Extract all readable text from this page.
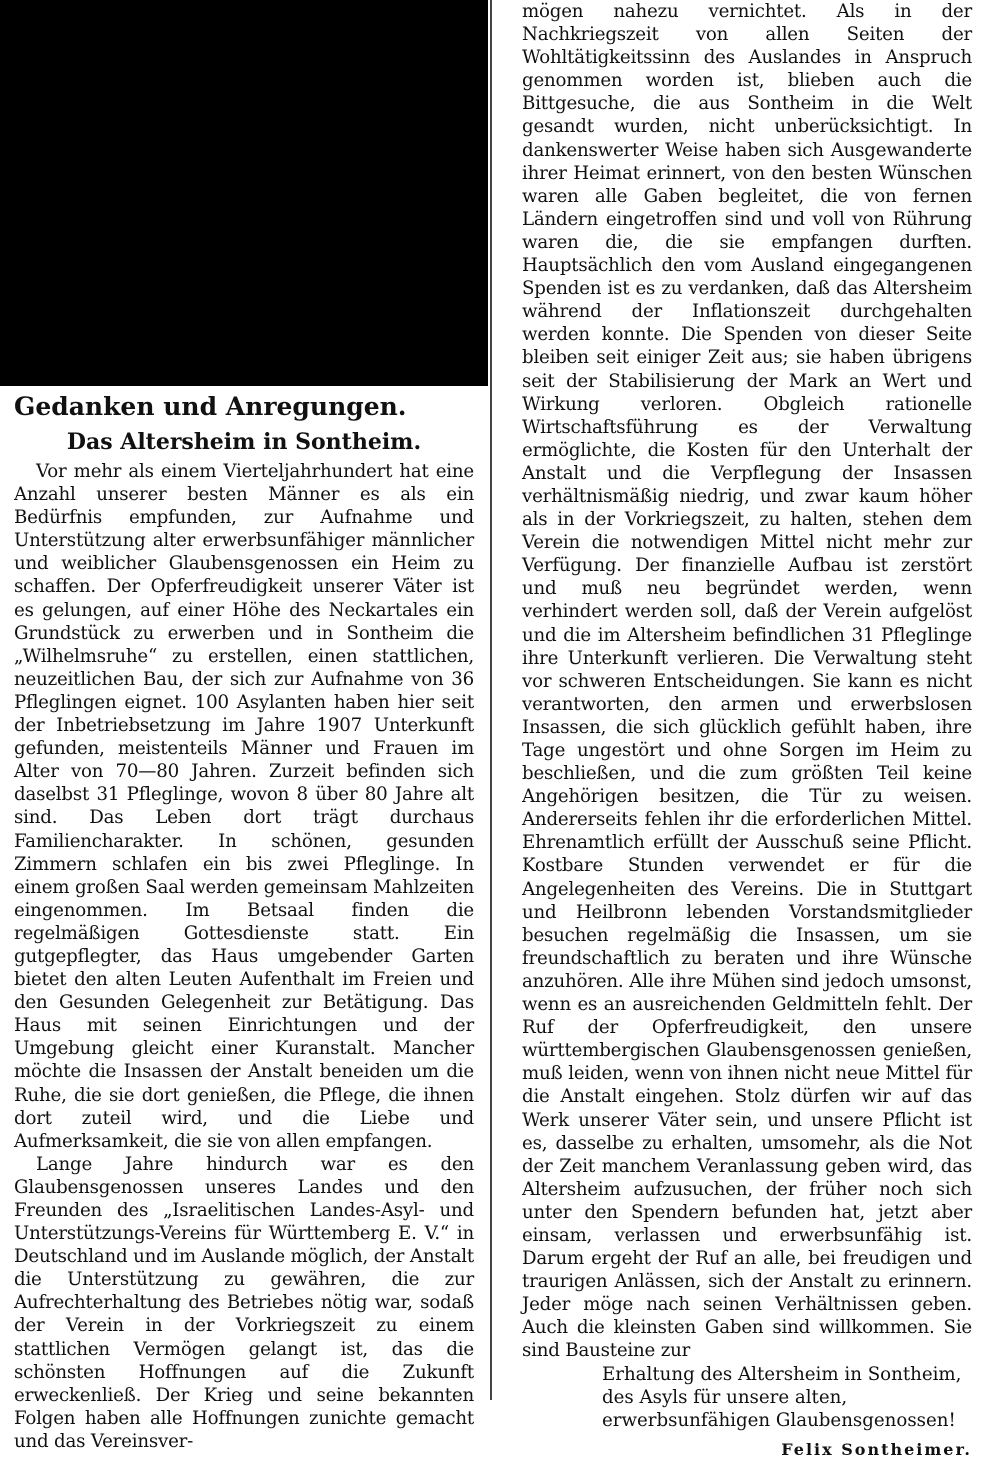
Gedanken und Anregungen.
Das Altersheim in Sontheim.

Vor mehr als einem Vierteljahrhundert hat eine Anzahl unserer besten Männer es als ein Bedürfnis empfunden, zur Aufnahme und Unterstützung alter erwerbsunfähiger männlicher und weiblicher Glaubensgenossen ein Heim zu schaffen. Der Opferfreudigkeit unserer Väter ist es gelungen, auf einer Höhe des Neckartales ein Grundstück zu erwerben und in Sontheim die „Wilhelmsruhe“ zu erstellen, einen stattlichen, neuzeitlichen Bau, der sich zur Aufnahme von 36 Pfleglingen eignet. 100 Asylanten haben hier seit der Inbetriebsetzung im Jahre 1907 Unterkunft gefunden, meistenteils Männer und Frauen im Alter von 70—80 Jahren. Zurzeit befinden sich daselbst 31 Pfleglinge, wovon 8 über 80 Jahre alt sind. Das Leben dort trägt durchaus Familiencharakter. In schönen, gesunden Zimmern schlafen ein bis zwei Pfleglinge. In einem großen Saal werden gemeinsam Mahlzeiten eingenommen. Im Betsaal finden die regelmäßigen Gottesdienste statt. Ein gutgepflegter, das Haus umgebender Garten bietet den alten Leuten Aufenthalt im Freien und den Gesunden Gelegenheit zur Betätigung. Das Haus mit seinen Einrichtungen und der Umgebung gleicht einer Kuranstalt. Mancher möchte die Insassen der Anstalt beneiden um die Ruhe, die sie dort genießen, die Pflege, die ihnen dort zuteil wird, und die Liebe und Aufmerksamkeit, die sie von allen empfangen.

Lange Jahre hindurch war es den Glaubensgenossen unseres Landes und den Freunden des „Israelitischen Landes-Asyl- und Unterstützungs-Vereins für Württemberg E. V.“ in Deutschland und im Auslande möglich, der Anstalt die Unterstützung zu gewähren, die zur Aufrechterhaltung des Betriebes nötig war, sodaß der Verein in der Vorkriegszeit zu einem stattlichen Vermögen gelangt ist, das die schönsten Hoffnungen auf die Zukunft erweckenließ. Der Krieg und seine bekannten Folgen haben alle Hoffnungen zunichte gemacht und das Vereinsver-

mögen nahezu vernichtet. Als in der Nachkriegszeit von allen Seiten der Wohltätigkeitssinn des Auslandes in Anspruch genommen worden ist, blieben auch die Bittgesuche, die aus Sontheim in die Welt gesandt wurden, nicht unberücksichtigt. In dankenswerter Weise haben sich Ausgewanderte ihrer Heimat erinnert, von den besten Wünschen waren alle Gaben begleitet, die von fernen Ländern eingetroffen sind und voll von Rührung waren die, die sie empfangen durften. Hauptsächlich den vom Ausland eingegangenen Spenden ist es zu verdanken, daß das Altersheim während der Inflationszeit durchgehalten werden konnte. Die Spenden von dieser Seite bleiben seit einiger Zeit aus; sie haben übrigens seit der Stabilisierung der Mark an Wert und Wirkung verloren. Obgleich rationelle Wirtschaftsführung es der Verwaltung ermöglichte, die Kosten für den Unterhalt der Anstalt und die Verpflegung der Insassen verhältnismäßig niedrig, und zwar kaum höher als in der Vorkriegszeit, zu halten, stehen dem Verein die notwendigen Mittel nicht mehr zur Verfügung. Der finanzielle Aufbau ist zerstört und muß neu begründet werden, wenn verhindert werden soll, daß der Verein aufgelöst und die im Altersheim befindlichen 31 Pfleglinge ihre Unterkunft verlieren. Die Verwaltung steht vor schweren Entscheidungen. Sie kann es nicht verantworten, den armen und erwerbslosen Insassen, die sich glücklich gefühlt haben, ihre Tage ungestört und ohne Sorgen im Heim zu beschließen, und die zum größten Teil keine Angehörigen besitzen, die Tür zu weisen. Andererseits fehlen ihr die erforderlichen Mittel. Ehrenamtlich erfüllt der Ausschuß seine Pflicht. Kostbare Stunden verwendet er für die Angelegenheiten des Vereins. Die in Stuttgart und Heilbronn lebenden Vorstandsmitglieder besuchen regelmäßig die Insassen, um sie freundschaftlich zu beraten und ihre Wünsche anzuhören. Alle ihre Mühen sind jedoch umsonst, wenn es an ausreichenden Geldmitteln fehlt. Der Ruf der Opferfreudigkeit, den unsere württembergischen Glaubensgenossen genießen, muß leiden, wenn von ihnen nicht neue Mittel für die Anstalt eingehen. Stolz dürfen wir auf das Werk unserer Väter sein, und unsere Pflicht ist es, dasselbe zu erhalten, umsomehr, als die Not der Zeit manchem Veranlassung geben wird, das Altersheim aufzusuchen, der früher noch sich unter den Spendern befunden hat, jetzt aber einsam, verlassen und erwerbsunfähig ist. Darum ergeht der Ruf an alle, bei freudigen und traurigen Anlässen, sich der Anstalt zu erinnern. Jeder möge nach seinen Verhältnissen geben. Auch die kleinsten Gaben sind willkommen. Sie sind Bausteine zur

Erhaltung des Altersheim in Sontheim,
des Asyls für unsere alten,
erwerbsunfähigen Glaubensgenossen!
Felix Sontheimer.
